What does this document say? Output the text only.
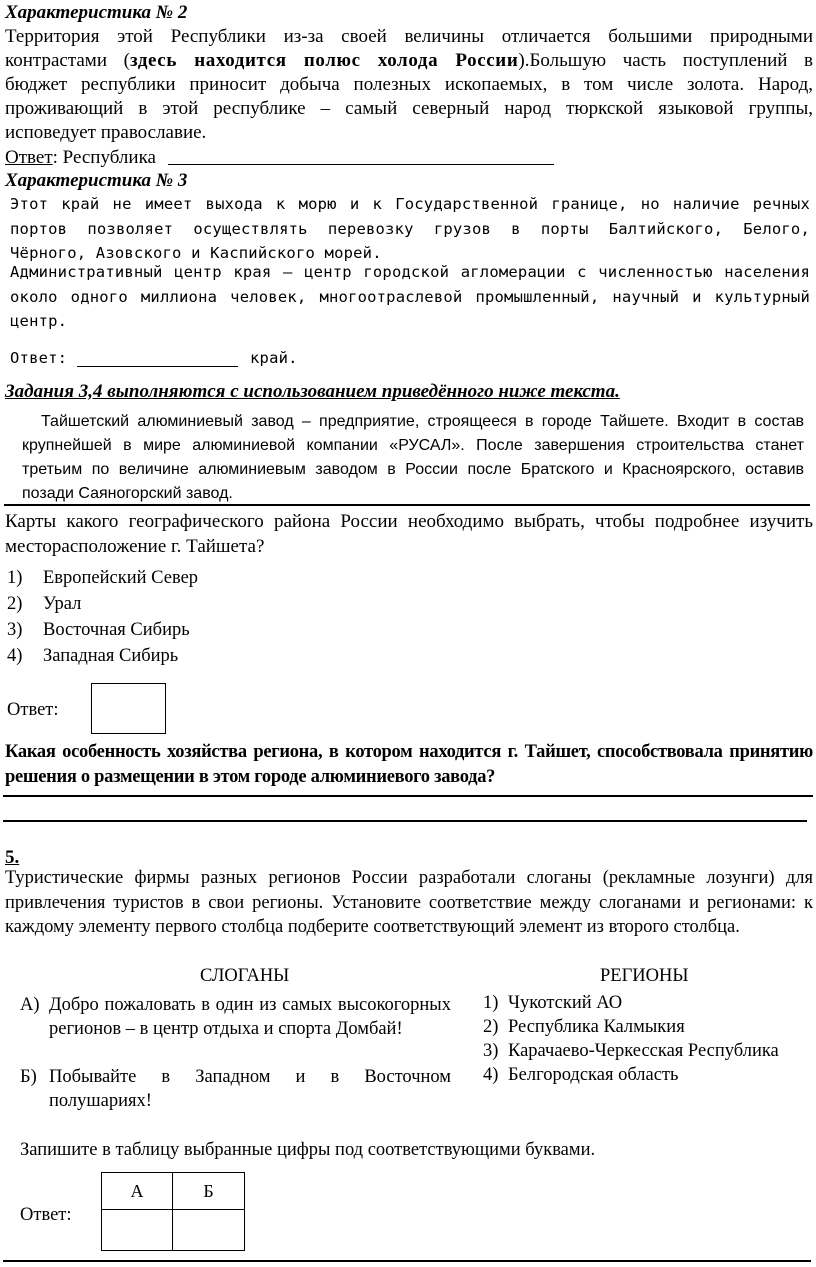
Характеристика № 2
Территория этой Республики из-за своей величины отличается большими природными
контрастами (здесь находится полюс холода России).Большую часть поступлений в
бюджет республики приносит добыча полезных ископаемых, в том числе золота. Народ,
проживающий в этой республике – самый северный народ тюркской языковой группы,
исповедует православие.
Ответ: Республика
Характеристика № 3
Этот край не имеет выхода к морю и к Государственной границе, но наличие речных портов позволяет осуществлять перевозку грузов в порты Балтийского, Белого, Чёрного, Азовского и Каспийского морей.
Административный центр края — центр городской агломерации с численностью населения около одного миллиона человек, многоотраслевой промышленный, научный и культурный центр.
Ответ:	край.
Задания 3,4 выполняются с использованием приведённого ниже текста.
Тайшетский алюминиевый завод – предприятие, строящееся в городе Тайшете. Входит в состав крупнейшей в мире алюминиевой компании «РУСАЛ». После завершения строительства станет третьим по величине алюминиевым заводом в России после Братского и Красноярского, оставив позади Саяногорский завод.
Карты какого географического района России необходимо выбрать, чтобы подробнее изучить месторасположение г. Тайшета?
1) Европейский Север
2) Урал
3) Восточная Сибирь
4) Западная Сибирь
Ответ:
Какая особенность хозяйства региона, в котором находится г. Тайшет, способствовала принятию решения о размещении в этом городе алюминиевого завода?
5.
Туристические фирмы разных регионов России разработали слоганы (рекламные лозунги) для привлечения туристов в свои регионы. Установите соответствие между слоганами и регионами: к каждому элементу первого столбца подберите соответствующий элемент из второго столбца.
СЛОГАНЫ	РЕГИОНЫ
А) Добро пожаловать в один из самых высокогорных регионов – в центр отдыха и спорта Домбай!
Б) Побывайте в Западном и в Восточном полушариях!
1) Чукотский АО
2) Республика Калмыкия
3) Карачаево-Черкесская Республика
4) Белгородская область
Запишите в таблицу выбранные цифры под соответствующими буквами.
Ответ:
А	Б
